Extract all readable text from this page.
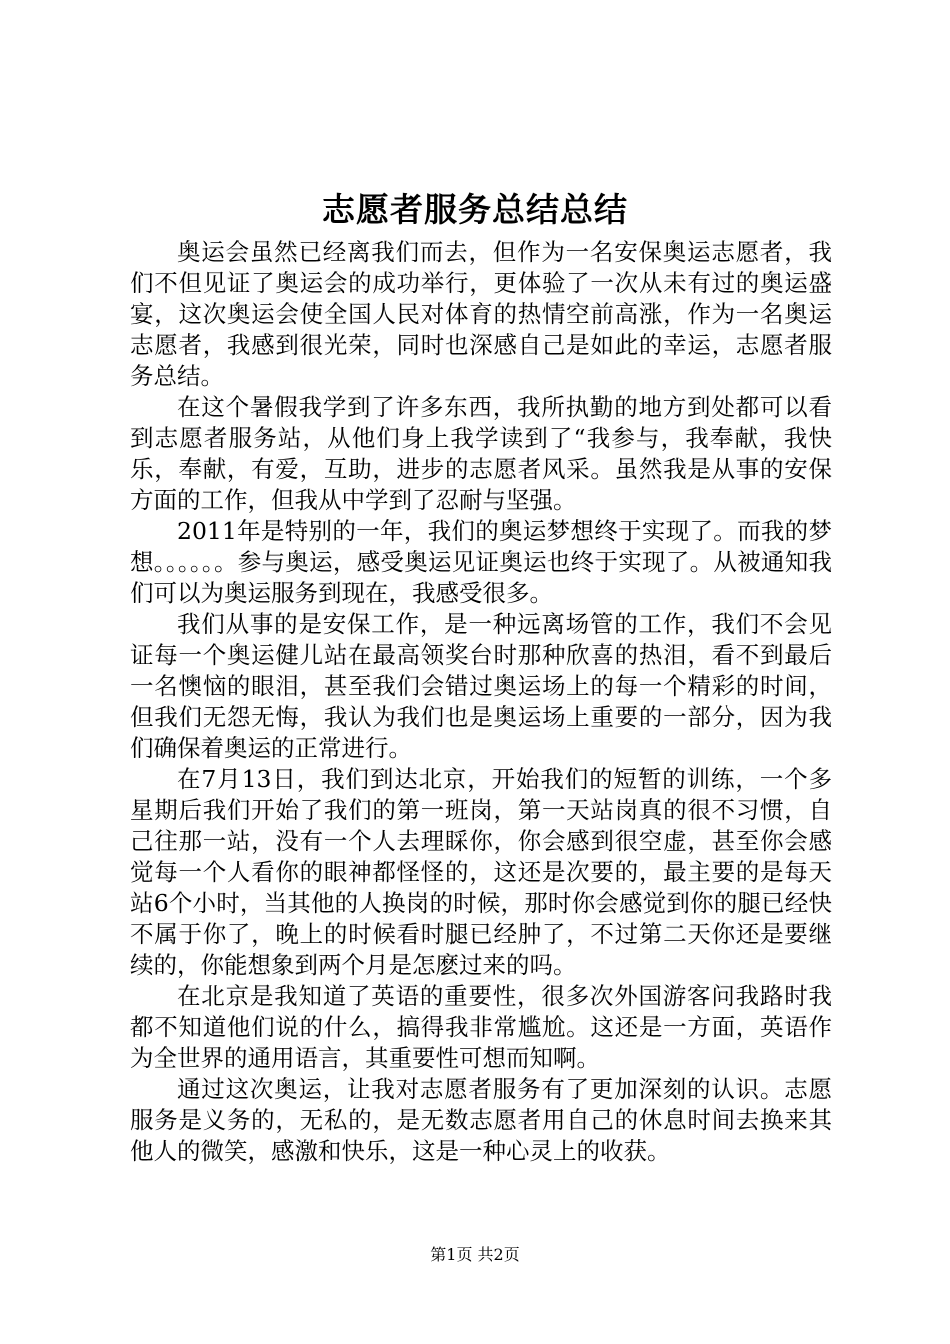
志愿者服务总结总结

奥运会虽然已经离我们而去，但作为一名安保奥运志愿者，我们不但见证了奥运会的成功举行，更体验了一次从未有过的奥运盛宴，这次奥运会使全国人民对体育的热情空前高涨，作为一名奥运志愿者，我感到很光荣，同时也深感自己是如此的幸运，志愿者服务总结。

在这个暑假我学到了许多东西，我所执勤的地方到处都可以看到志愿者服务站，从他们身上我学读到了“我参与，我奉献，我快乐，奉献，有爱，互助，进步的志愿者风采。虽然我是从事的安保方面的工作，但我从中学到了忍耐与坚强。

2011年是特别的一年，我们的奥运梦想终于实现了。而我的梦想。。。。。。参与奥运，感受奥运见证奥运也终于实现了。从被通知我们可以为奥运服务到现在，我感受很多。

我们从事的是安保工作，是一种远离场管的工作，我们不会见证每一个奥运健儿站在最高领奖台时那种欣喜的热泪，看不到最后一名懊恼的眼泪，甚至我们会错过奥运场上的每一个精彩的时间，但我们无怨无悔，我认为我们也是奥运场上重要的一部分，因为我们确保着奥运的正常进行。

在7月13日，我们到达北京，开始我们的短暂的训练，一个多星期后我们开始了我们的第一班岗，第一天站岗真的很不习惯，自己往那一站，没有一个人去理睬你，你会感到很空虚，甚至你会感觉每一个人看你的眼神都怪怪的，这还是次要的，最主要的是每天站6个小时，当其他的人换岗的时候，那时你会感觉到你的腿已经快不属于你了，晚上的时候看时腿已经肿了，不过第二天你还是要继续的，你能想象到两个月是怎麽过来的吗。

在北京是我知道了英语的重要性，很多次外国游客问我路时我都不知道他们说的什么，搞得我非常尴尬。这还是一方面，英语作为全世界的通用语言，其重要性可想而知啊。

通过这次奥运，让我对志愿者服务有了更加深刻的认识。志愿服务是义务的，无私的，是无数志愿者用自己的休息时间去换来其他人的微笑，感激和快乐，这是一种心灵上的收获。

第1页 共2页
